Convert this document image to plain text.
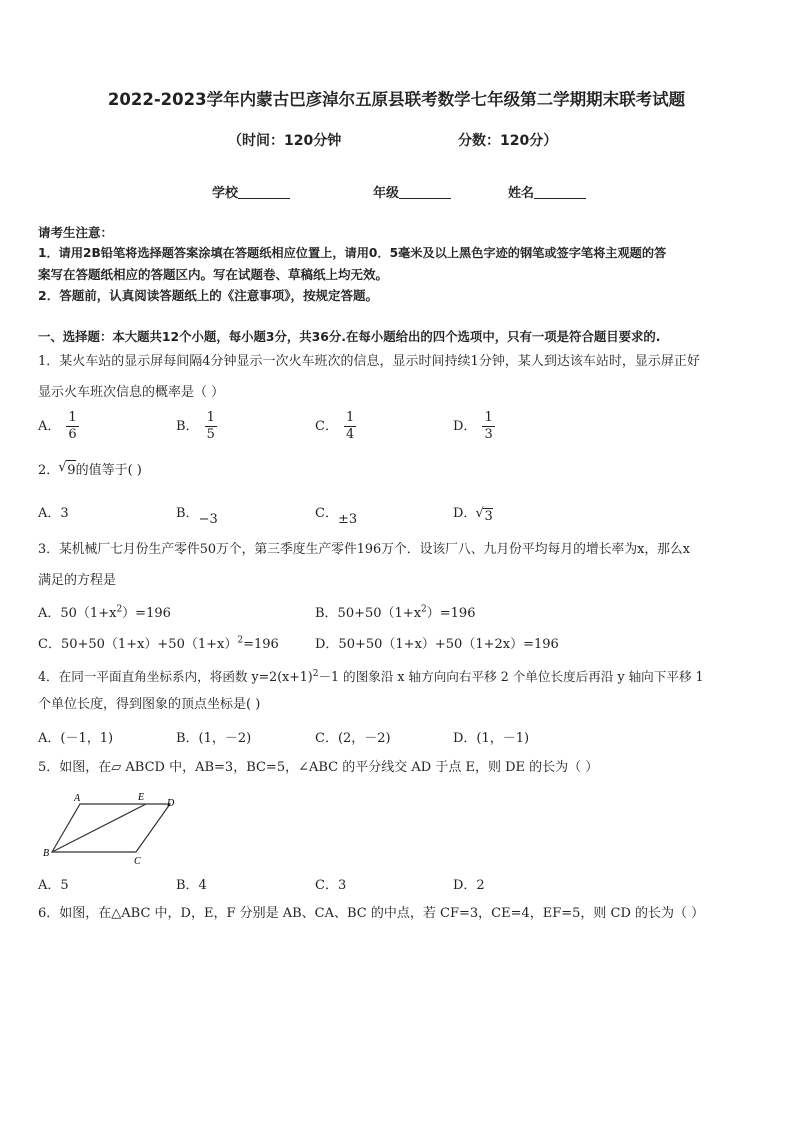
2022-2023学年内蒙古巴彦淖尔五原县联考数学七年级第二学期期末联考试题
（时间：120分钟	分数：120分）
学校	年级	姓名
请考生注意：
1．请用2B铅笔将选择题答案涂填在答题纸相应位置上，请用0．5毫米及以上黑色字迹的钢笔或签字笔将主观题的答
案写在答题纸相应的答题区内。写在试题卷、草稿纸上均无效。
2．答题前，认真阅读答题纸上的《注意事项》，按规定答题。
一、选择题：本大题共12个小题，每小题3分，共36分.在每小题给出的四个选项中，只有一项是符合题目要求的.
1．某火车站的显示屏每间隔4分钟显示一次火车班次的信息，显示时间持续1分钟，某人到达该车站时，显示屏正好
显示火车班次信息的概率是（ ）
A． $\frac{1}{6}$	B． $\frac{1}{5}$	C． $\frac{1}{4}$	D． $\frac{1}{3}$
2． √ 9的值等于( )
A．3	B．−3	C．±3	D． √ 3
3．某机械厂七月份生产零件50万个，第三季度生产零件196万个．设该厂八、九月份平均每月的增长率为x，那么x
满足的方程是
A．$50(1+x^2)=196$	B．$50+50(1+x^2)=196$
C．$50+50(1+x)+50(1+x)^2=196$	D．50+50（1+x）+50（1+2x）=196
4．在同一平面直角坐标系内，将函数 $y=2(x+1)^2-1$ 的图象沿 x 轴方向向右平移 2 个单位长度后再沿 y 轴向下平移 1
个单位长度，得到图象的顶点坐标是( )
A．(－1，1)	B．(1，－2)	C．(2，－2)	D．(1，－1)
5．如图，在▱ ABCD 中，AB=3，BC=5，∠ABC 的平分线交 AD 于点 E，则 DE 的长为（ ）
A	E
D
B
C
A．5	B．4	C．3	D．2
6．如图，在△ABC 中，D，E，F 分别是 AB、CA、BC 的中点，若 CF=3，CE=4，EF=5，则 CD 的长为（ ）
